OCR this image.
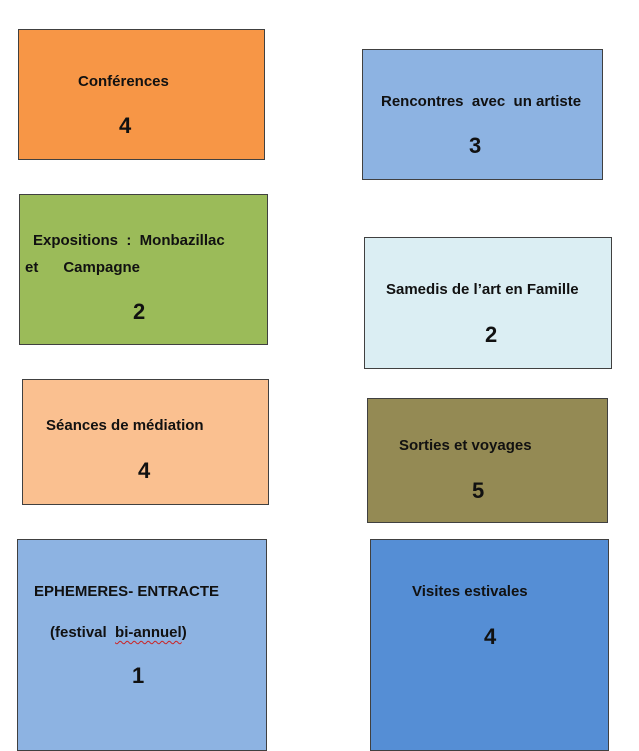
Conférences
4
Rencontres  avec  un artiste
3
Expositions  :  Monbazillac
et      Campagne
2
Samedis de l’art en Famille
2
Séances de médiation
4
Sorties et voyages
5
EPHEMERES- ENTRACTE
(festival  bi-annuel)
1
Visites estivales
4
